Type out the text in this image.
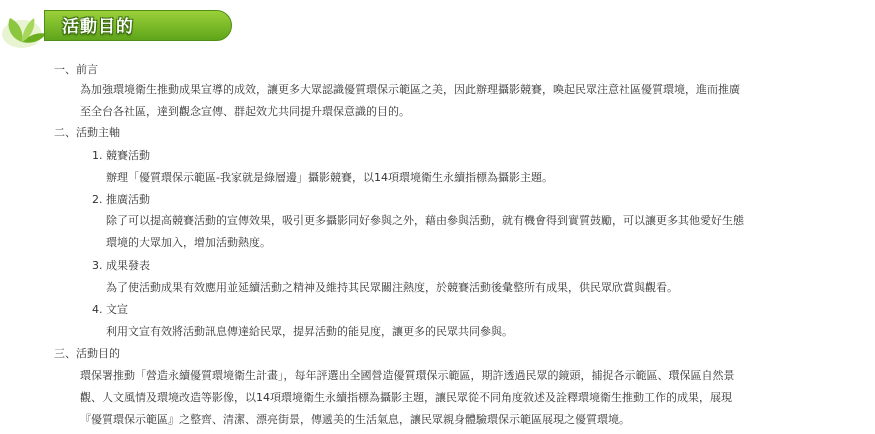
活動目的
一、前言
為加強環境衛生推動成果宣導的成效，讓更多大眾認識優質環保示範區之美，因此辦理攝影競賽，喚起民眾注意社區優質環境，進而推廣
至全台各社區，達到觀念宣傳、群起效尤共同提升環保意識的目的。
二、活動主軸
1. 競賽活動
辦理「優質環保示範區-我家就是綠層邊」攝影競賽，以14項環境衛生永續指標為攝影主題。
2. 推廣活動
除了可以提高競賽活動的宣傳效果，吸引更多攝影同好參與之外，藉由參與活動，就有機會得到實質鼓勵，可以讓更多其他愛好生態
環境的大眾加入，增加活動熱度。
3. 成果發表
為了使活動成果有效應用並延續活動之精神及維持其民眾關注熱度，於競賽活動後彙整所有成果，供民眾欣賞與觀看。
4. 文宣
利用文宣有效將活動訊息傳達給民眾，提昇活動的能見度，讓更多的民眾共同參與。
三、活動目的
環保署推動「營造永續優質環境衛生計畫」，每年評選出全國營造優質環保示範區，期許透過民眾的鏡頭，捕捉各示範區、環保區自然景
觀、人文風情及環境改造等影像，以14項環境衛生永續指標為攝影主題，讓民眾從不同角度敘述及詮釋環境衛生推動工作的成果，展現
『優質環保示範區』之整齊、清潔、漂亮街景，傳遞美的生活氣息，讓民眾親身體驗環保示範區展現之優質環境。
